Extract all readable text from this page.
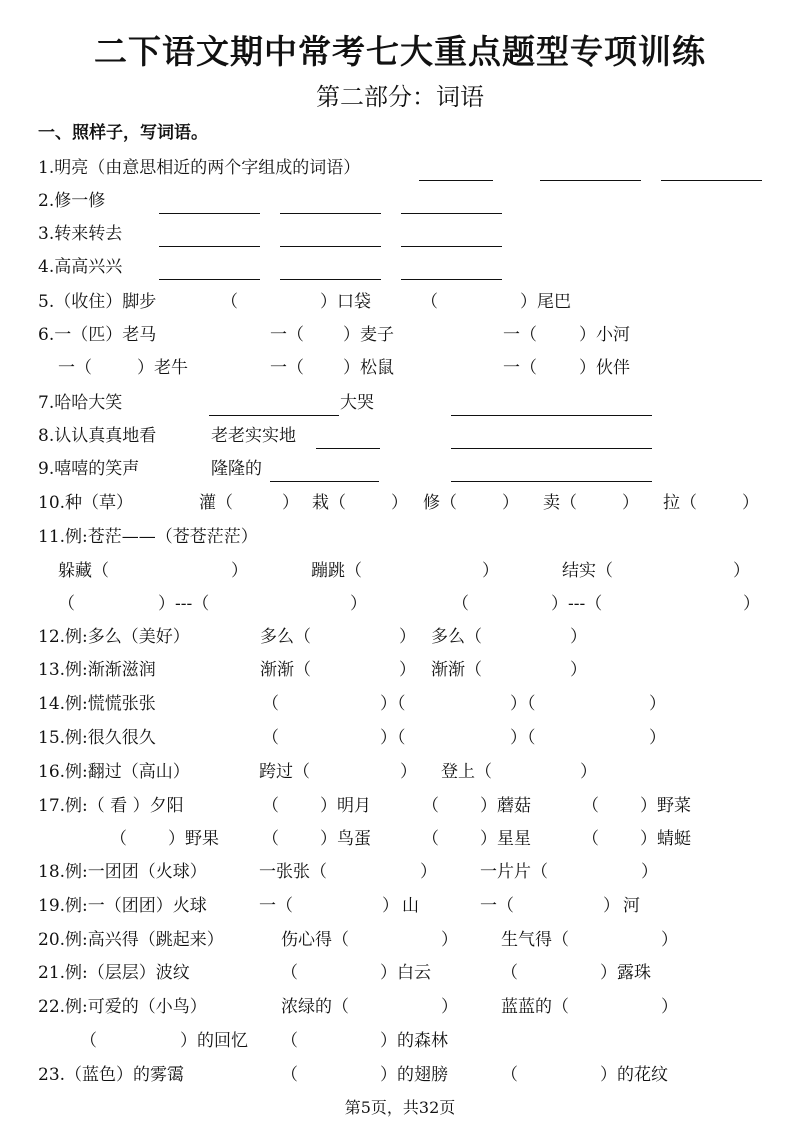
二下语文期中常考七大重点题型专项训练
第二部分：词语
一、照样子，写词语。
1.明亮（由意思相近的两个字组成的词语）
2.修一修
3.转来转去
4.高高兴兴
5.（收住）脚步	（	）口袋	（	）尾巴
6.一（匹）老马	一（ ）麦子	一（ ）小河
一（	）老牛	一（ ）松鼠	一（ ）伙伴
7.哈哈大笑	大哭
8.认认真真地看	老老实实地
9.嘻嘻的笑声	隆隆的
10.种（草）	灌（	） 栽（	） 修（	） 卖（	） 拉（	）
11.例:苍茫——（苍苍茫茫）
躲藏（	）	蹦跳（	）	结实（	）
（	）---（	）	（	）---（	）
12.例:多么（美好）	多么（	） 多么（	）
13.例:渐渐滋润	渐渐（	） 渐渐（	）
14.例:慌慌张张	（	）（	）（	）
15.例:很久很久	（	）（	）（	）
16.例:翻过（高山）	跨过（	） 登上（	）
17.例:（ 看 ）夕阳	（ ）明月	（ ）蘑菇	（ ）野菜
（ ）野果	（ ）鸟蛋	（ ）星星	（ ）蜻蜓
18.例:一团团（火球）	一张张（	）	一片片（	）
19.例:一（团团）火球	一（	） 山	一（	） 河
20.例:高兴得（跳起来）	伤心得（	）	生气得（	）
21.例:（层层）波纹	（	）白云	（	）露珠
22.例:可爱的（小鸟）	浓绿的（	）	蓝蓝的（	）
（	）的回忆 （	）的森林
23.（蓝色）的雾霭	（	）的翅膀	（	）的花纹
第5页，共32页
